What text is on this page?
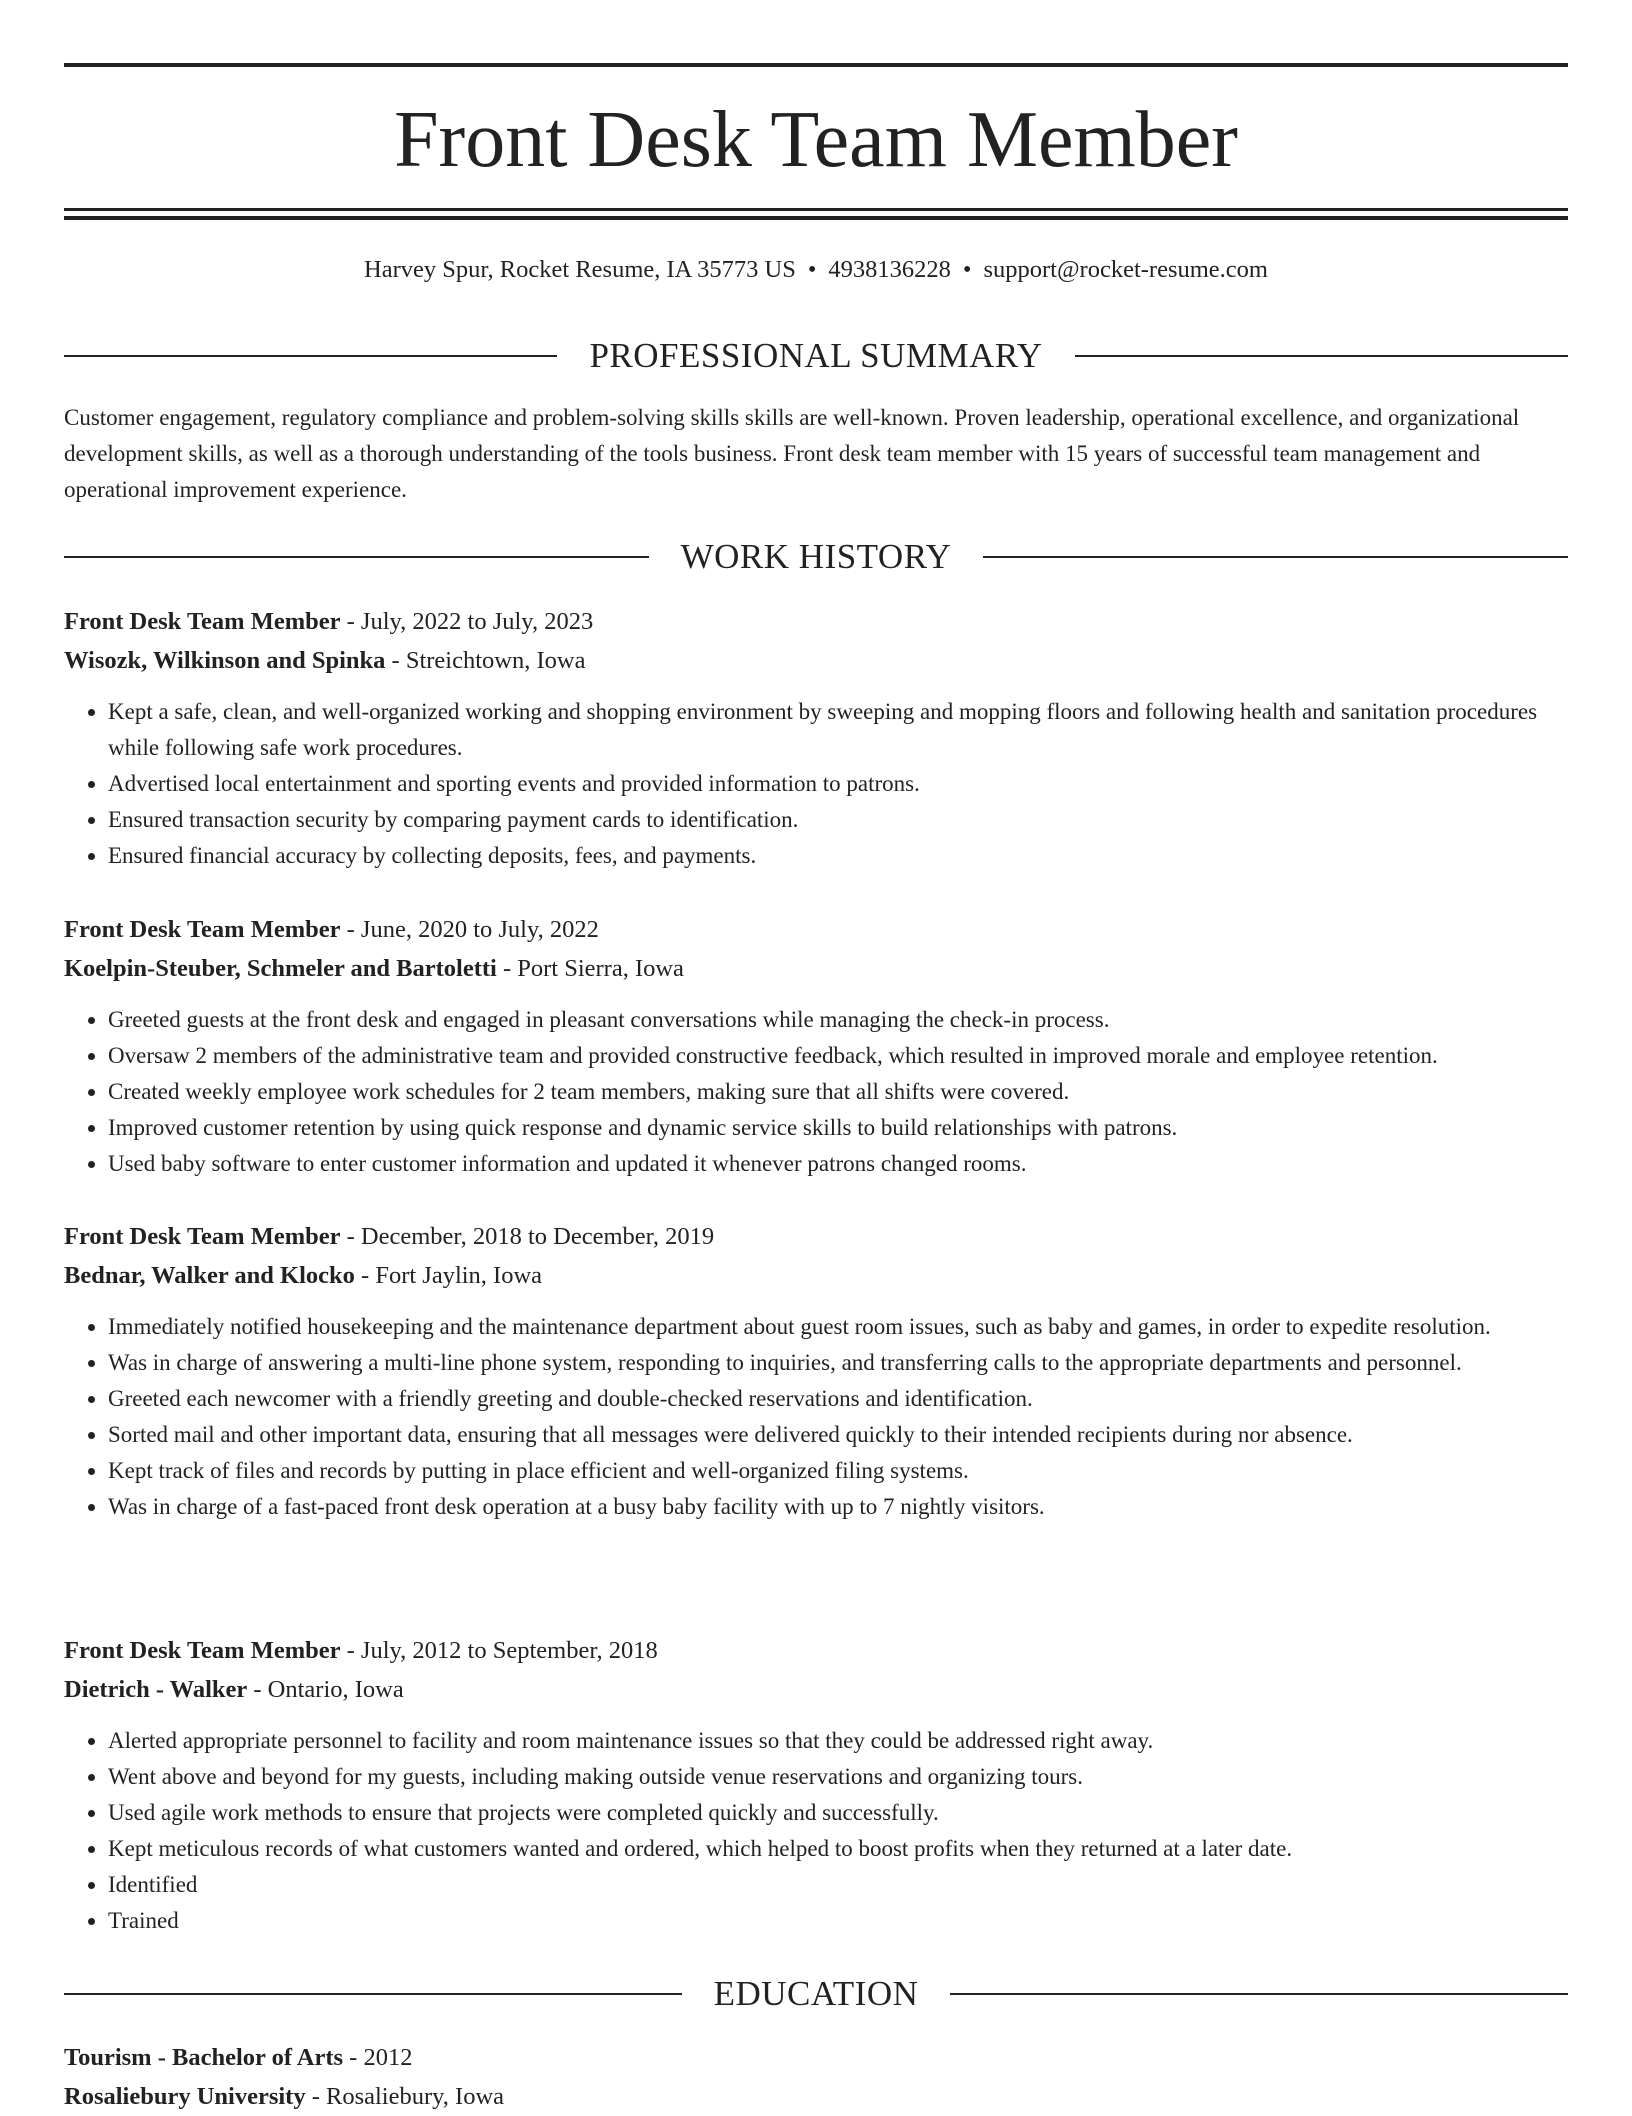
Front Desk Team Member
Harvey Spur, Rocket Resume, IA 35773 US • 4938136228 • support@rocket-resume.com
PROFESSIONAL SUMMARY

Customer engagement, regulatory compliance and problem-solving skills skills are well-known. Proven leadership, operational excellence, and organizational development skills, as well as a thorough understanding of the tools business. Front desk team member with 15 years of successful team management and operational improvement experience.

WORK HISTORY

Front Desk Team Member - July, 2022 to July, 2023

Wisozk, Wilkinson and Spinka - Streichtown, Iowa

• Kept a safe, clean, and well-organized working and shopping environment by sweeping and mopping floors and following health and sanitation procedures while following safe work procedures.
• Advertised local entertainment and sporting events and provided information to patrons.
• Ensured transaction security by comparing payment cards to identification.
• Ensured financial accuracy by collecting deposits, fees, and payments.

Front Desk Team Member - June, 2020 to July, 2022

Koelpin-Steuber, Schmeler and Bartoletti - Port Sierra, Iowa

• Greeted guests at the front desk and engaged in pleasant conversations while managing the check-in process.
• Oversaw 2 members of the administrative team and provided constructive feedback, which resulted in improved morale and employee retention.
• Created weekly employee work schedules for 2 team members, making sure that all shifts were covered.
• Improved customer retention by using quick response and dynamic service skills to build relationships with patrons.
• Used baby software to enter customer information and updated it whenever patrons changed rooms.

Front Desk Team Member - December, 2018 to December, 2019

Bednar, Walker and Klocko - Fort Jaylin, Iowa

• Immediately notified housekeeping and the maintenance department about guest room issues, such as baby and games, in order to expedite resolution.
• Was in charge of answering a multi-line phone system, responding to inquiries, and transferring calls to the appropriate departments and personnel.
• Greeted each newcomer with a friendly greeting and double-checked reservations and identification.
• Sorted mail and other important data, ensuring that all messages were delivered quickly to their intended recipients during nor absence.
• Kept track of files and records by putting in place efficient and well-organized filing systems.
• Was in charge of a fast-paced front desk operation at a busy baby facility with up to 7 nightly visitors.

Front Desk Team Member - July, 2012 to September, 2018

Dietrich - Walker - Ontario, Iowa

• Alerted appropriate personnel to facility and room maintenance issues so that they could be addressed right away.
• Went above and beyond for my guests, including making outside venue reservations and organizing tours.
• Used agile work methods to ensure that projects were completed quickly and successfully.
• Kept meticulous records of what customers wanted and ordered, which helped to boost profits when they returned at a later date.
• Identified
• Trained
EDUCATION

Tourism - Bachelor of Arts - 2012

Rosaliebury University - Rosaliebury, Iowa
